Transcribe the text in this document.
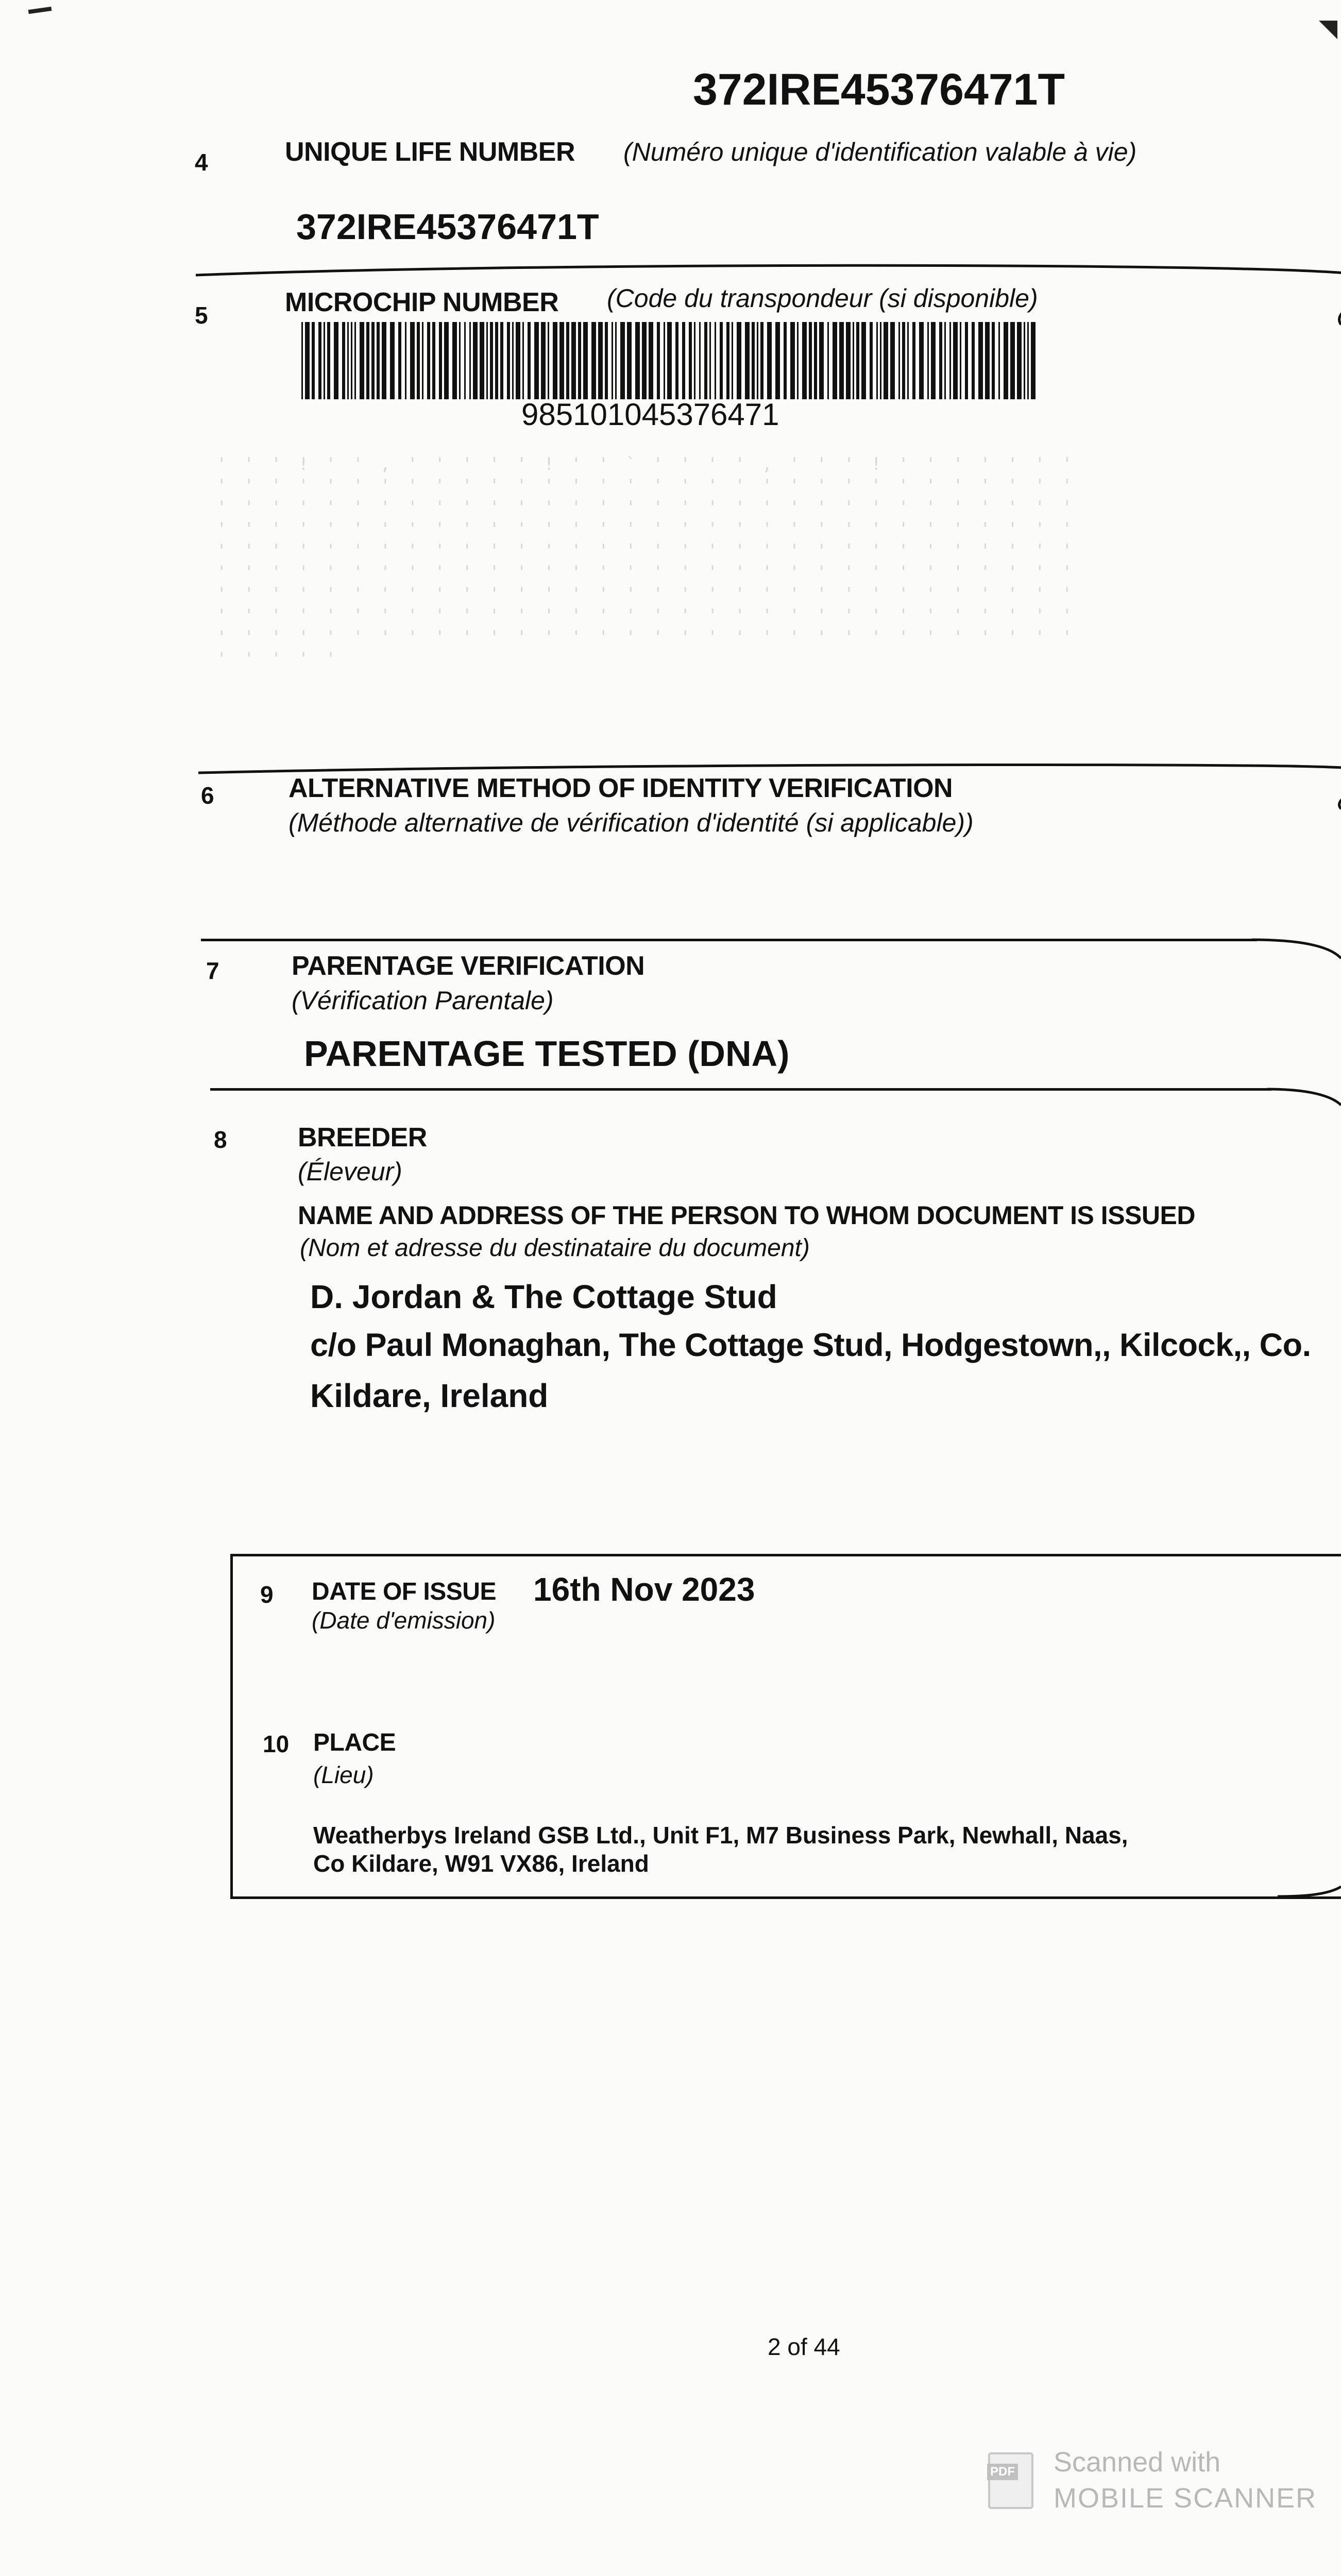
372IRE45376471T
4	UNIQUE LIFE NUMBER (Numéro unique d'identification valable à vie)
372IRE45376471T
5	MICROCHIP NUMBER (Code du transpondeur (si disponible)
985101045376471
' ' ' ! ' ' , ' ' ' ' ' ! ' ' ` ' ' ' ' , ' ' ' ! ' ' ' ' ' ' ' ' ' ' ' ' ' ' ' ' ' ' ' ' ' ' ' ' ' ' ' ' ' ' ' ' ' ' ' ' ' ' ' ' ' ' ' ' ' ' ' ' ' ' ' ' ' ' ' ' ' ' ' ' ' ' ' ' ' ' ' ' ' ' ' ' ' ' ' ' ' ' ' ' ' ' ' ' ' ' ' ' ' ' ' ' ' ' ' ' ' ' ' ' ' ' ' ' ' ' ' ' ' ' ' ' ' ' ' ' ' ' ' ' ' ' ' ' ' ' ' ' ' ' ' ' ' ' ' ' ' ' ' ' ' ' ' ' ' ' ' ' ' ' ' ' ' ' ' ' ' ' ' ' ' ' ' ' ' ' ' ' ' ' ' ' ' ' ' ' ' ' ' ' ' ' ' ' ' ' ' ' ' ' ' ' ' ' ' ' ' ' ' ' ' ' ' ' ' ' ' ' ' ' ' ' ' ' ' ' ' ' ' ' ' ' ' ' ' ' ' ' ' ' ' ' ' ' ' ' ' ' ' ' ' ' ' ' ' ' ' ' ' ' ' ' ' ' ' ' ' ' ' ' ' ' ' ' ' ' ' '
6	ALTERNATIVE METHOD OF IDENTITY VERIFICATION
(Méthode alternative de vérification d'identité (si applicable))
7	PARENTAGE VERIFICATION
(Vérification Parentale)
PARENTAGE TESTED (DNA)
8	BREEDER
(Éleveur)
NAME AND ADDRESS OF THE PERSON TO WHOM DOCUMENT IS ISSUED
(Nom et adresse du destinataire du document)
D. Jordan & The Cottage Stud
c/o Paul Monaghan, The Cottage Stud, Hodgestown,, Kilcock,, Co.
Kildare, Ireland
9 DATE OF ISSUE
(Date d'emission)
16th Nov 2023
10 PLACE
(Lieu)
Weatherbys Ireland GSB Ltd., Unit F1, M7 Business Park, Newhall, Naas,
Co Kildare, W91 VX86, Ireland
2 of 44
PDF Scanned with
MOBILE SCANNER
